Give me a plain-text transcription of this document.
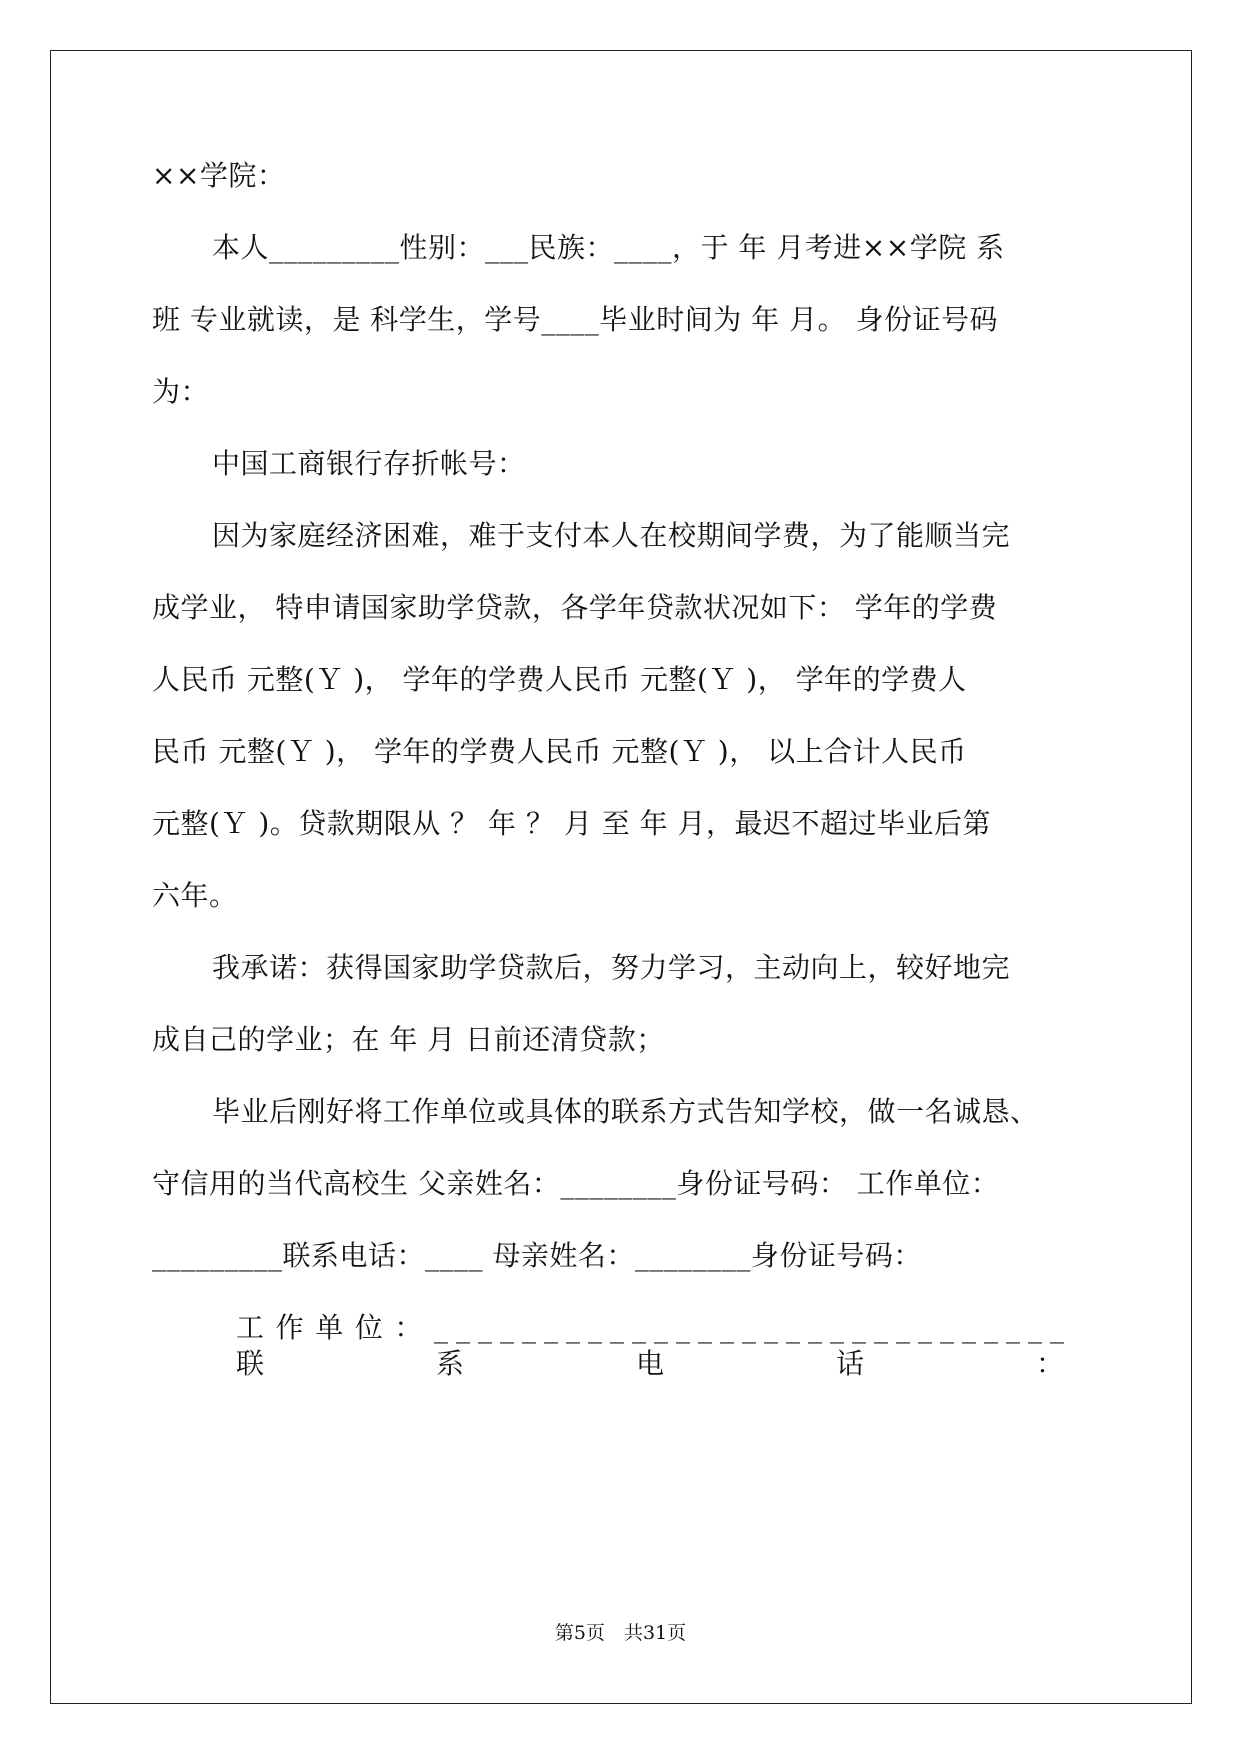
××学院：
本人_________性别：___民族：____，于 年 月考进××学院 系
班 专业就读，是 科学生，学号____毕业时间为 年 月。 身份证号码
为：
中国工商银行存折帐号：
因为家庭经济困难，难于支付本人在校期间学费，为了能顺当完
成学业， 特申请国家助学贷款，各学年贷款状况如下： 学年的学费
人民币 元整(Ｙ )， 学年的学费人民币 元整(Ｙ )， 学年的学费人
民币 元整(Ｙ )， 学年的学费人民币 元整(Ｙ )， 以上合计人民币
元整(Ｙ )。贷款期限从 ？ 年 ？ 月 至 年 月，最迟不超过毕业后第
六年。
我承诺：获得国家助学贷款后，努力学习，主动向上，较好地完
成自己的学业；在 年 月 日前还清贷款；
毕业后刚好将工作单位或具体的联系方式告知学校，做一名诚恳、
守信用的当代高校生 父亲姓名：________身份证号码： 工作单位：
_________联系电话：____ 母亲姓名：________身份证号码：
工作单位：_____________________________联系电话：
第5页　共31页
